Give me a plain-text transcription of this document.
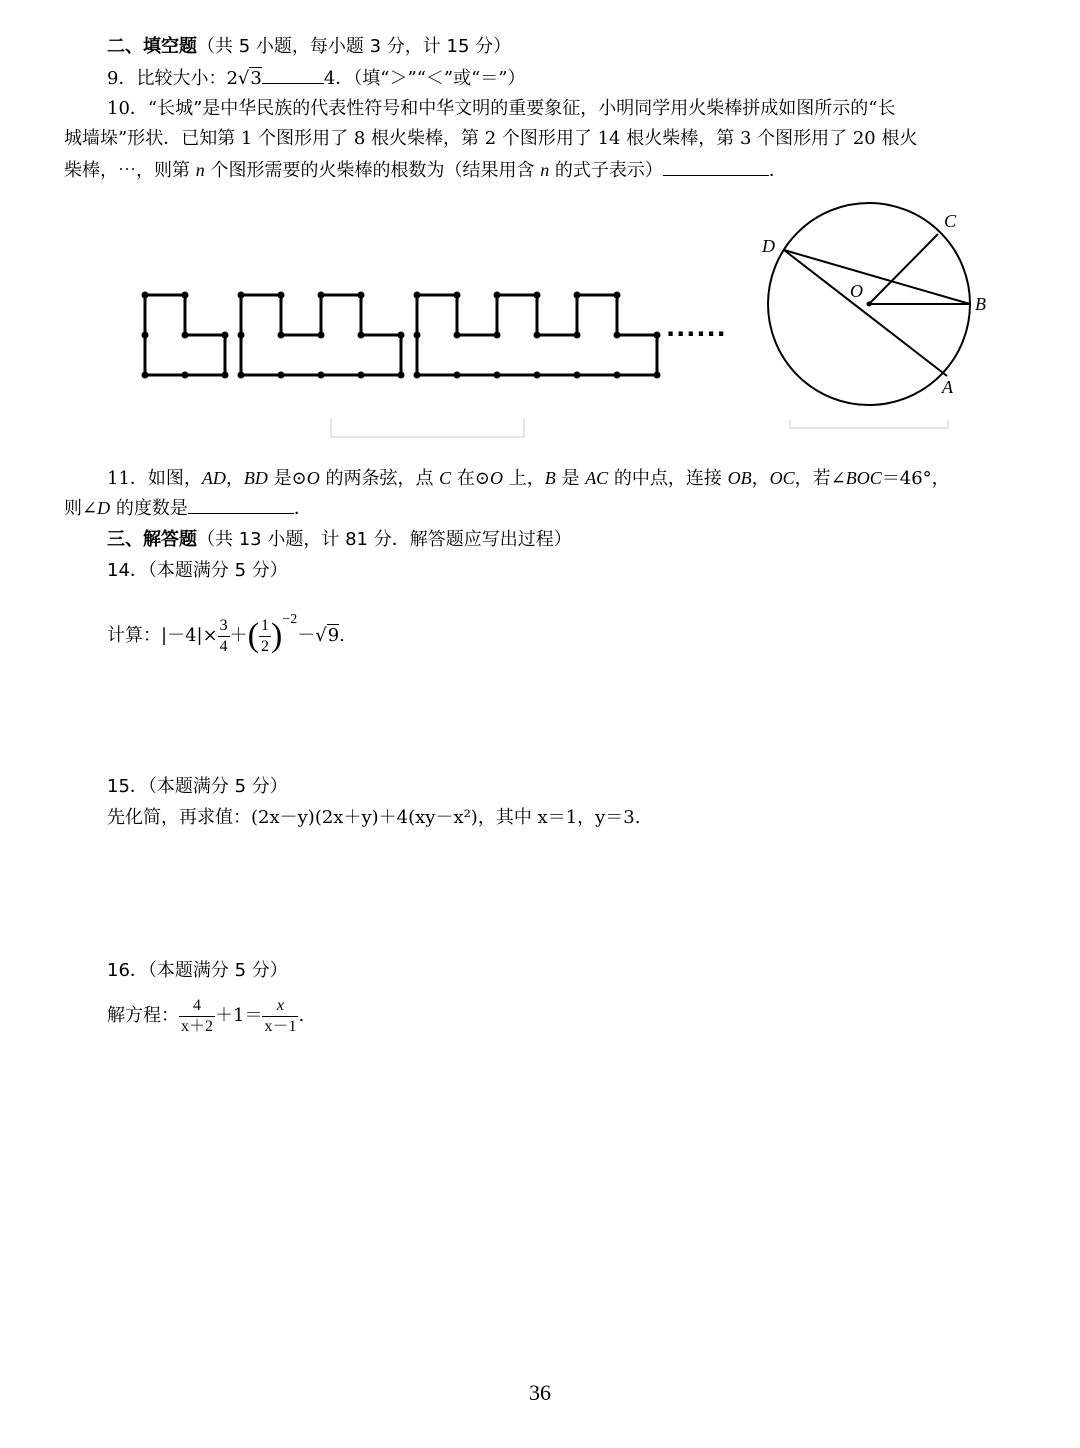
二、填空题（共 5 小题，每小题 3 分，计 15 分）
9．比较大小：2√3	4．（填“＞”“＜”或“＝”）
10．“长城”是中华民族的代表性符号和中华文明的重要象征，小明同学用火柴棒拼成如图所示的“长
城墙垛”形状．已知第 1 个图形用了 8 根火柴棒，第 2 个图形用了 14 根火柴棒，第 3 个图形用了 20 根火
柴棒，⋯，则第 n 个图形需要的火柴棒的根数为（结果用含 n 的式子表示）	．
······
D
C
O
B
A
11．如图，AD，BD 是⊙O 的两条弦，点 C 在⊙O 上，B 是 AC 的中点，连接 OB，OC，若∠BOC＝46°，
则∠D 的度数是	．
三、解答题（共 13 小题，计 81 分．解答题应写出过程）
14．（本题满分 5 分）
计算：$|-4|\times \frac{3}{4}$ ＋( $\frac{1}{2} )^{-2}-√9$.
15．（本题满分 5 分）
先化简，再求值：(2x－y)(2x＋y)＋4(xy－x²)，其中 x＝1，y＝3.
16．（本题满分 5 分）
解方程： $\frac{4}{x+2} +1= \frac{x}{x-1}$ .
36
